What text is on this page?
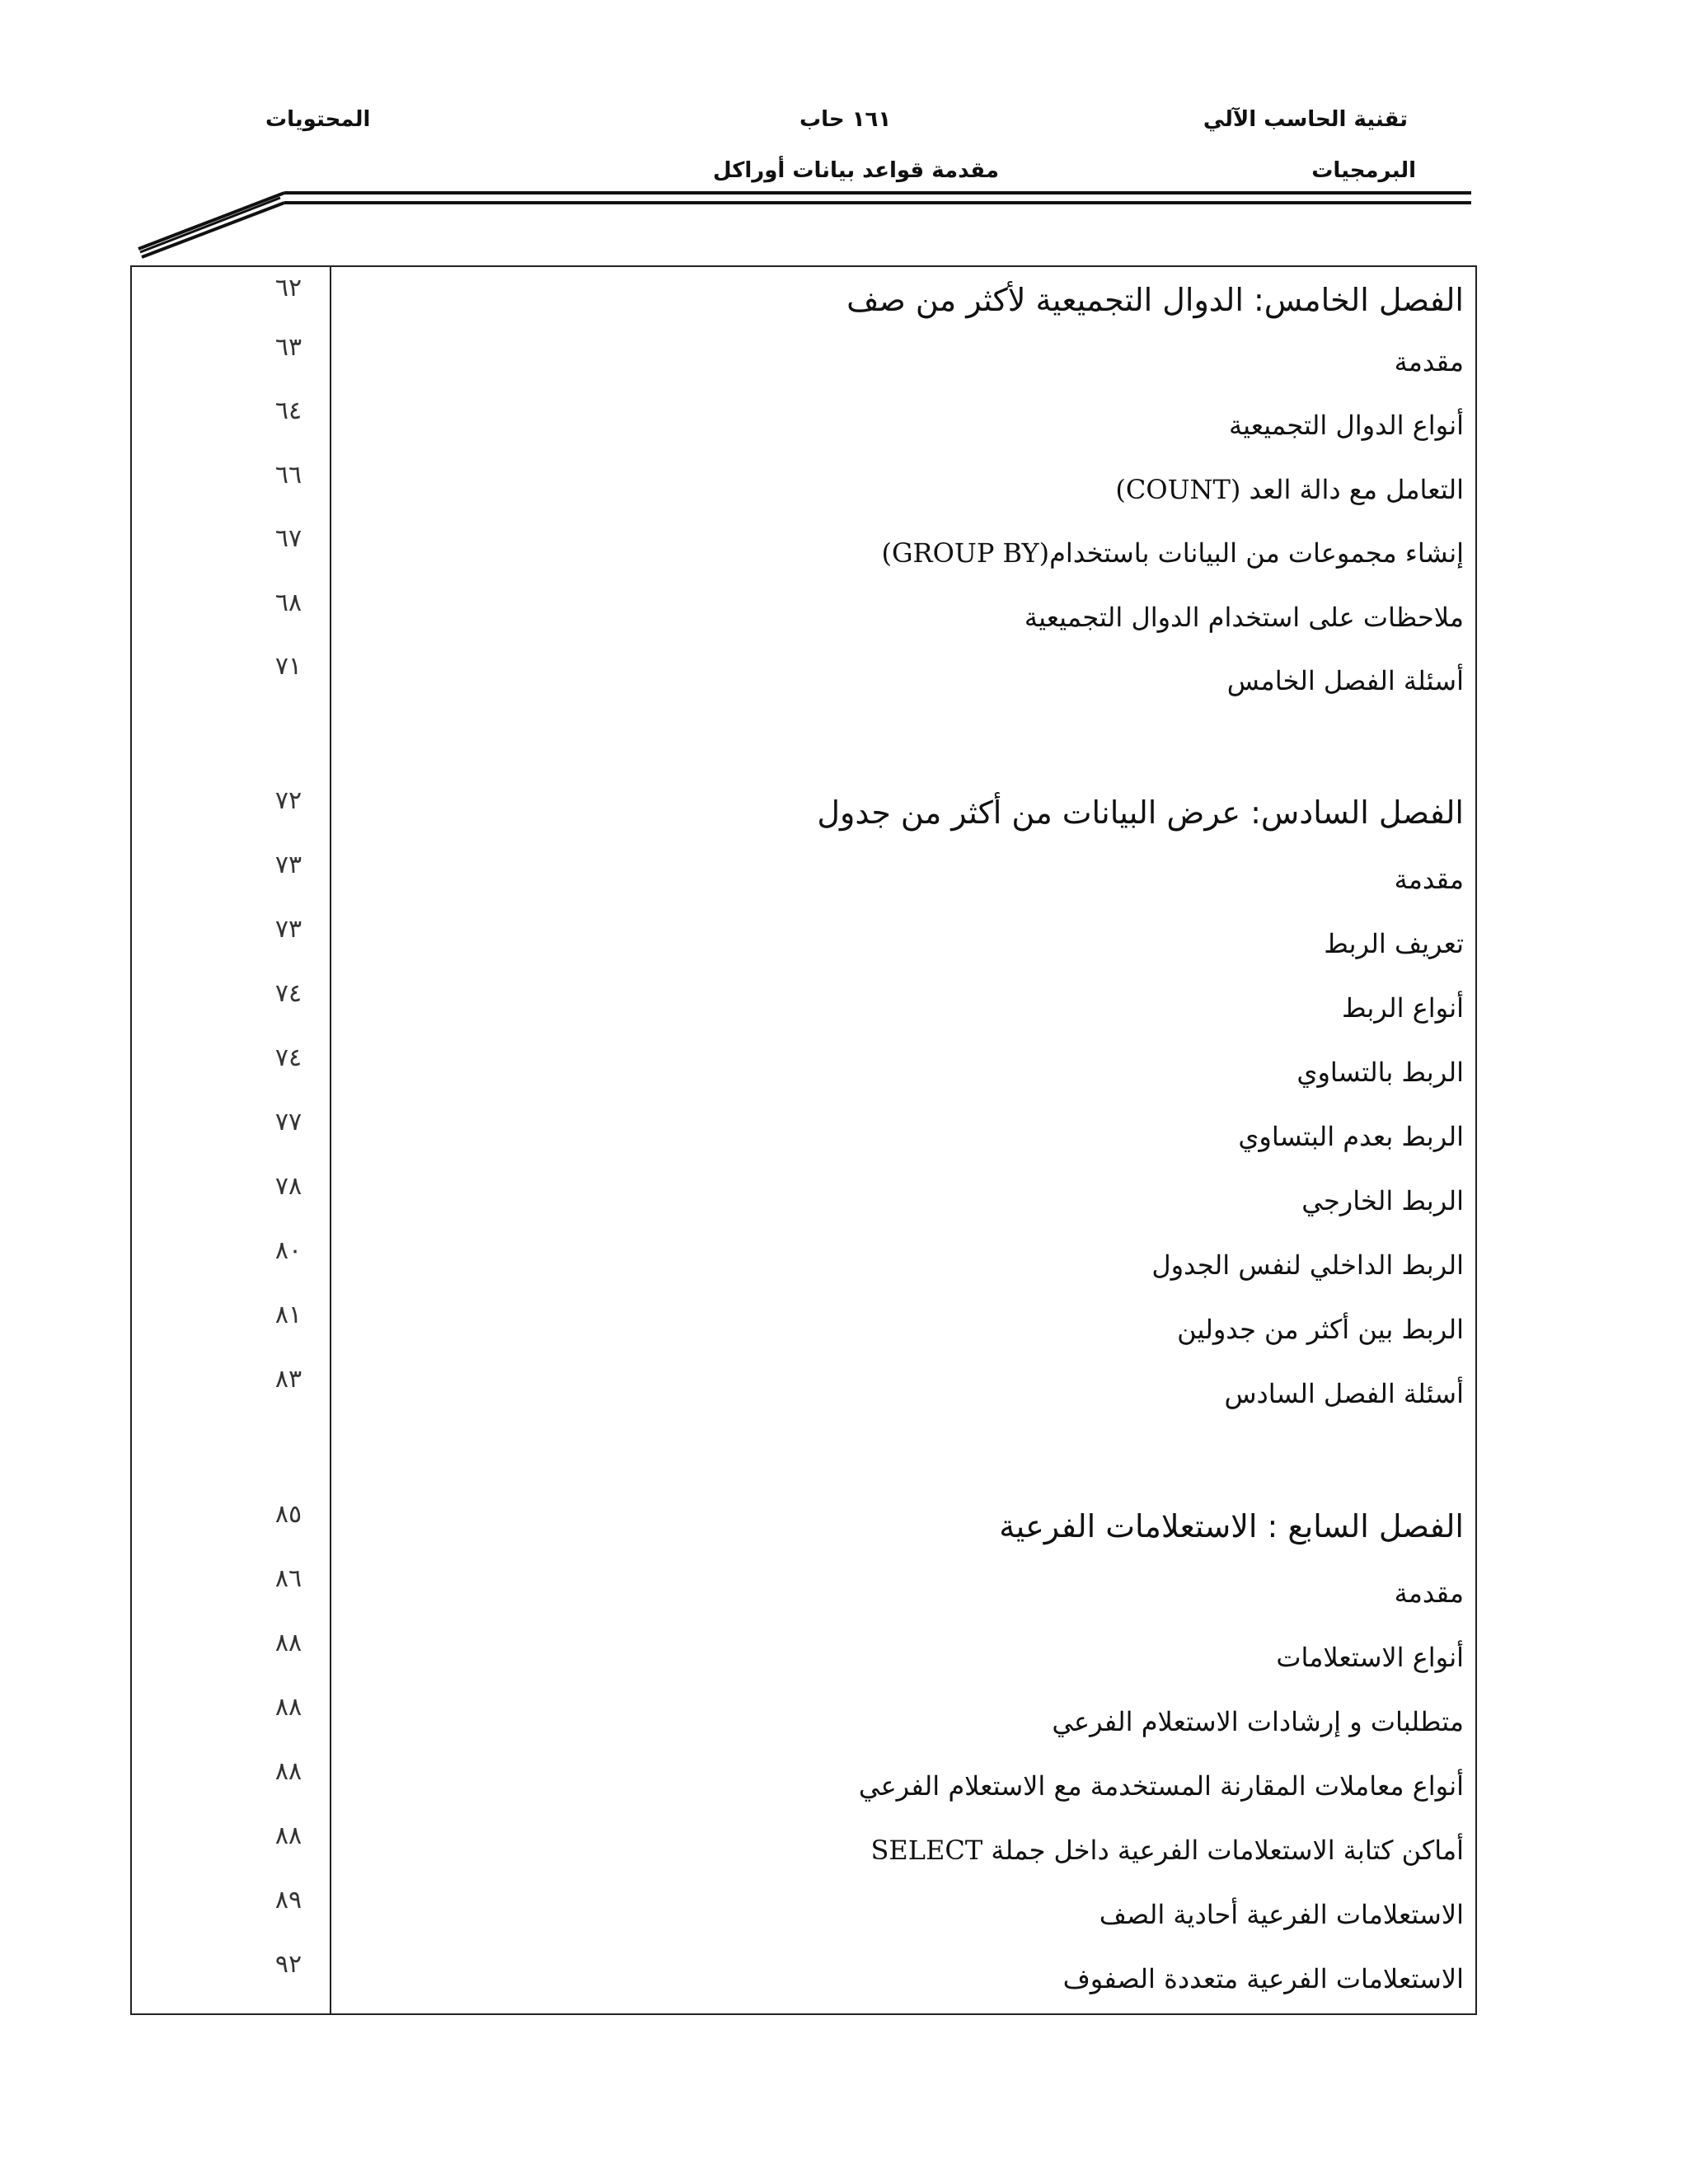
المحتويات	١٦١ حاب	تقنية الحاسب الآلي
مقدمة قواعد بيانات أوراكل	البرمجيات
٦٢	الفصل الخامس: الدوال التجميعية لأكثر من صف
٦٣	مقدمة
٦٤	أنواع الدوال التجميعية
٦٦	التعامل مع دالة العد (COUNT)
٦٧	إنشاء مجموعات من البيانات باستخدام(GROUP BY)
٦٨	ملاحظات على استخدام الدوال التجميعية
٧١	أسئلة الفصل الخامس
٧٢	الفصل السادس: عرض البيانات من أكثر من جدول
٧٣	مقدمة
٧٣	تعريف الربط
٧٤	أنواع الربط
٧٤	الربط بالتساوي
٧٧	الربط بعدم البتساوي
٧٨	الربط الخارجي
٨٠	الربط الداخلي لنفس الجدول
٨١	الربط بين أكثر من جدولين
٨٣	أسئلة الفصل السادس
٨٥	الفصل السابع : الاستعلامات الفرعية
٨٦	مقدمة
٨٨	أنواع الاستعلامات
٨٨	متطلبات و إرشادات الاستعلام الفرعي
٨٨	أنواع معاملات المقارنة المستخدمة مع الاستعلام الفرعي
٨٨	أماكن كتابة الاستعلامات الفرعية داخل جملة SELECT
٨٩	الاستعلامات الفرعية أحادية الصف
٩٢	الاستعلامات الفرعية متعددة الصفوف
